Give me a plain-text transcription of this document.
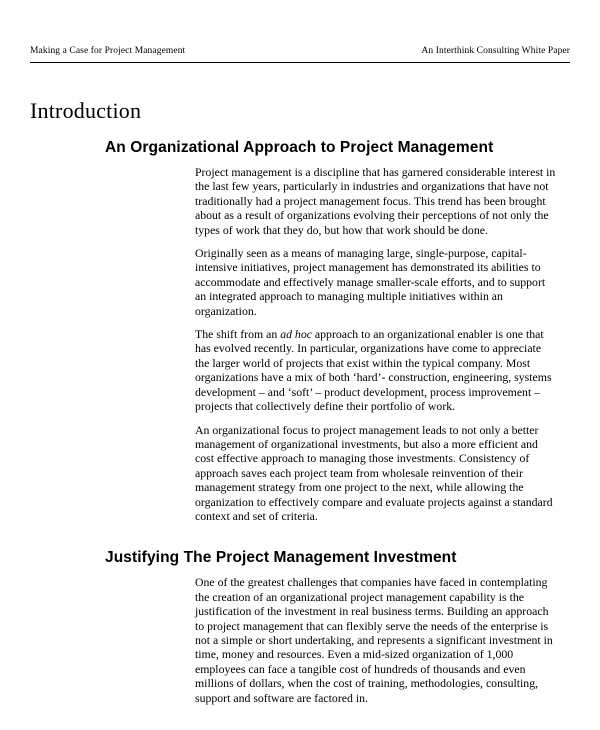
Making a Case for Project Management	An Interthink Consulting White Paper
Introduction
An Organizational Approach to Project Management

Project management is a discipline that has garnered considerable interest in the last few years, particularly in industries and organizations that have not traditionally had a project management focus. This trend has been brought about as a result of organizations evolving their perceptions of not only the types of work that they do, but how that work should be done.

Originally seen as a means of managing large, single-purpose, capital-intensive initiatives, project management has demonstrated its abilities to accommodate and effectively manage smaller-scale efforts, and to support an integrated approach to managing multiple initiatives within an organization.

The shift from an ad hoc approach to an organizational enabler is one that has evolved recently. In particular, organizations have come to appreciate the larger world of projects that exist within the typical company. Most organizations have a mix of both ‘hard’- construction, engineering, systems development – and ‘soft’ – product development, process improvement – projects that collectively define their portfolio of work.

An organizational focus to project management leads to not only a better management of organizational investments, but also a more efficient and cost effective approach to managing those investments. Consistency of approach saves each project team from wholesale reinvention of their management strategy from one project to the next, while allowing the organization to effectively compare and evaluate projects against a standard context and set of criteria.

Justifying The Project Management Investment

One of the greatest challenges that companies have faced in contemplating the creation of an organizational project management capability is the justification of the investment in real business terms. Building an approach to project management that can flexibly serve the needs of the enterprise is not a simple or short undertaking, and represents a significant investment in time, money and resources. Even a mid-sized organization of 1,000 employees can face a tangible cost of hundreds of thousands and even millions of dollars, when the cost of training, methodologies, consulting, support and software are factored in.
